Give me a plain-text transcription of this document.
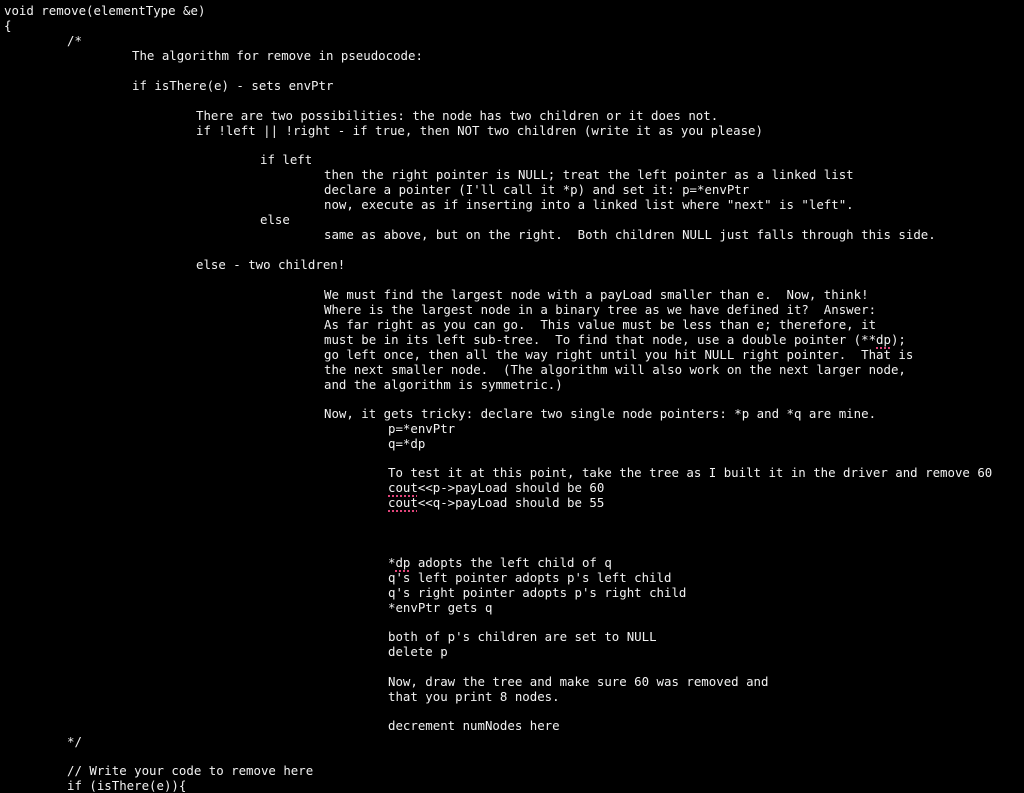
void remove(elementType &e)

{

/*

The algorithm for remove in pseudocode:

if isThere(e) - sets envPtr

There are two possibilities: the node has two children or it does not.

if !left || !right - if true, then NOT two children (write it as you please)

if left

then the right pointer is NULL; treat the left pointer as a linked list

declare a pointer (I'll call it *p) and set it: p=*envPtr

now, execute as if inserting into a linked list where "next" is "left".

else

same as above, but on the right.  Both children NULL just falls through this side.

else - two children!

We must find the largest node with a payLoad smaller than e.  Now, think!

Where is the largest node in a binary tree as we have defined it?  Answer:

As far right as you can go.  This value must be less than e; therefore, it

must be in its left sub-tree.  To find that node, use a double pointer (**dp);

go left once, then all the way right until you hit NULL right pointer.  That is

the next smaller node.  (The algorithm will also work on the next larger node,

and the algorithm is symmetric.)

Now, it gets tricky: declare two single node pointers: *p and *q are mine.

p=*envPtr

q=*dp

To test it at this point, take the tree as I built it in the driver and remove 60

cout<<p->payLoad should be 60

cout<<q->payLoad should be 55

*dp adopts the left child of q

q's left pointer adopts p's left child

q's right pointer adopts p's right child

*envPtr gets q

both of p's children are set to NULL

delete p

Now, draw the tree and make sure 60 was removed and

that you print 8 nodes.

decrement numNodes here

*/

// Write your code to remove here

if (isThere(e)){
